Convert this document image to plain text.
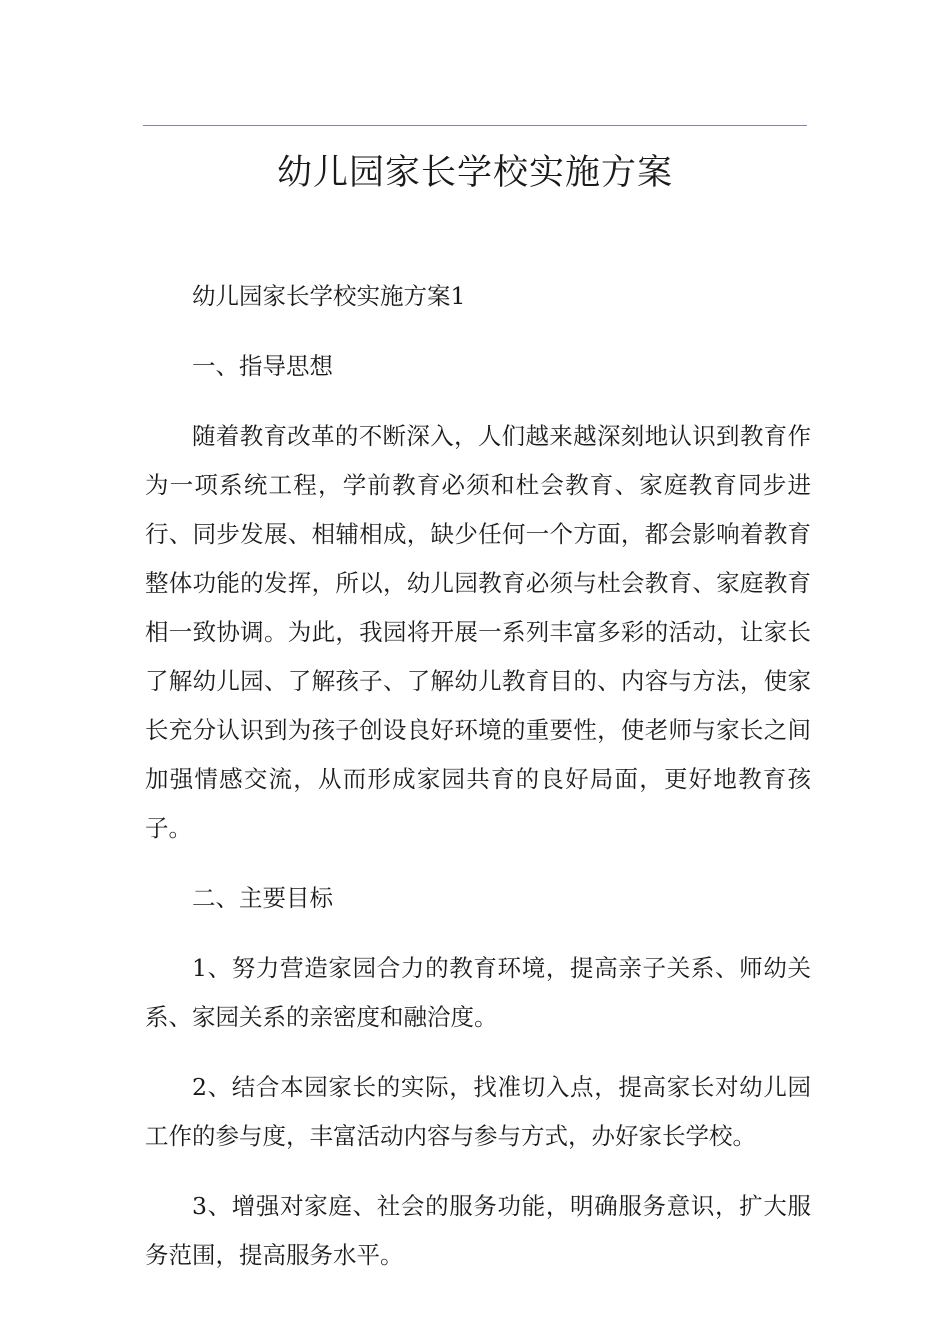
幼儿园家长学校实施方案

幼儿园家长学校实施方案1

一、指导思想

随着教育改革的不断深入，人们越来越深刻地认识到教育作为一项系统工程，学前教育必须和杜会教育、家庭教育同步进行、同步发展、相辅相成，缺少任何一个方面，都会影响着教育整体功能的发挥，所以，幼儿园教育必须与杜会教育、家庭教育相一致协调。为此，我园将开展一系列丰富多彩的活动，让家长了解幼儿园、了解孩子、了解幼儿教育目的、内容与方法，使家长充分认识到为孩子创设良好环境的重要性，使老师与家长之间加强情感交流，从而形成家园共育的良好局面，更好地教育孩子。

二、主要目标

1、努力营造家园合力的教育环境，提高亲子关系、师幼关系、家园关系的亲密度和融洽度。

2、结合本园家长的实际，找准切入点，提高家长对幼儿园工作的参与度，丰富活动内容与参与方式，办好家长学校。

3、增强对家庭、社会的服务功能，明确服务意识，扩大服务范围，提高服务水平。
